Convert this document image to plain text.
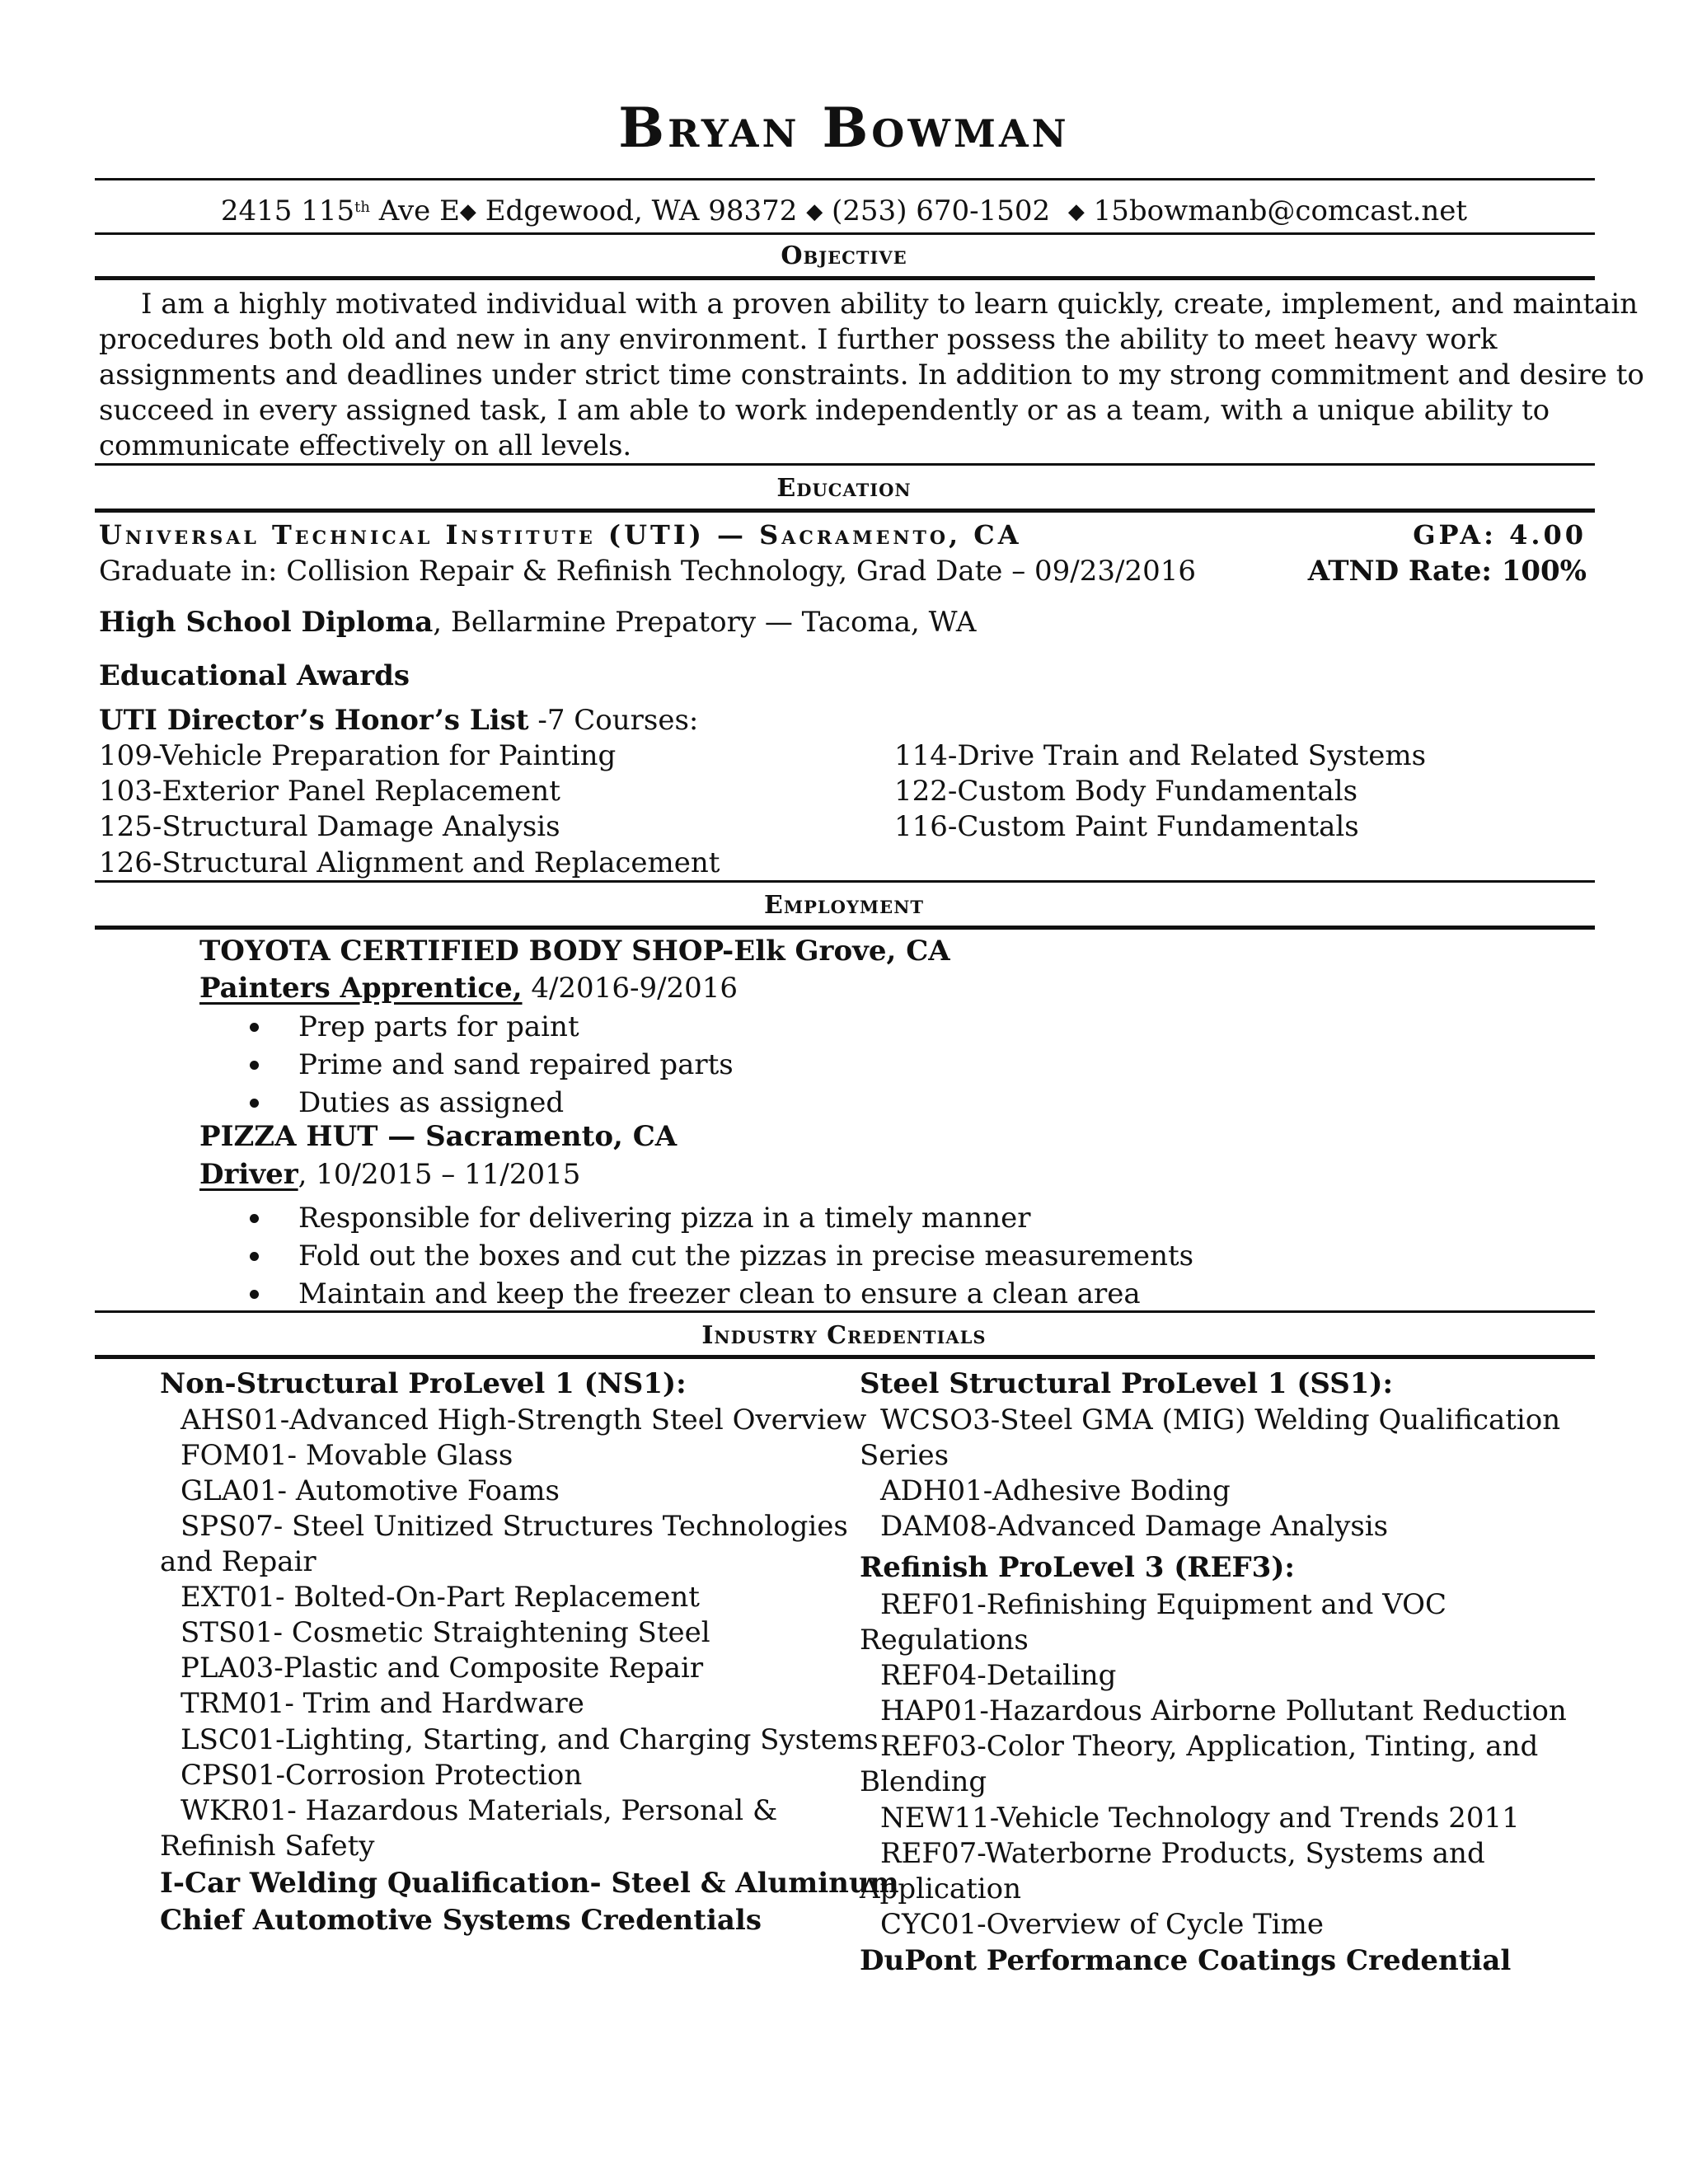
Bryan Bowman
2415 115th Ave E◆ Edgewood, WA 98372 ◆ (253) 670-1502 ◆ 15bowmanb@comcast.net
Objective
I am a highly motivated individual with a proven ability to learn quickly, create, implement, and maintain
procedures both old and new in any environment. I further possess the ability to meet heavy work
assignments and deadlines under strict time constraints. In addition to my strong commitment and desire to
succeed in every assigned task, I am able to work independently or as a team, with a unique ability to
communicate effectively on all levels.
Education
Universal Technical Institute (UTI) — Sacramento, CA	GPA: 4.00
Graduate in: Collision Repair & Refinish Technology, Grad Date – 09/23/2016	ATND Rate: 100%
High School Diploma, Bellarmine Prepatory — Tacoma, WA
Educational Awards
UTI Director’s Honor’s List -7 Courses:
109-Vehicle Preparation for Painting
103-Exterior Panel Replacement
125-Structural Damage Analysis
126-Structural Alignment and Replacement
114-Drive Train and Related Systems
122-Custom Body Fundamentals
116-Custom Paint Fundamentals
Employment
TOYOTA CERTIFIED BODY SHOP-Elk Grove, CA
Painters Apprentice, 4/2016-9/2016
Prep parts for paint
Prime and sand repaired parts
Duties as assigned
PIZZA HUT — Sacramento, CA
Driver, 10/2015 – 11/2015
Responsible for delivering pizza in a timely manner
Fold out the boxes and cut the pizzas in precise measurements
Maintain and keep the freezer clean to ensure a clean area
Industry Credentials
Non-Structural ProLevel 1 (NS1):
AHS01-Advanced High-Strength Steel Overview
FOM01- Movable Glass
GLA01- Automotive Foams
SPS07- Steel Unitized Structures Technologies
and Repair
EXT01- Bolted-On-Part Replacement
STS01- Cosmetic Straightening Steel
PLA03-Plastic and Composite Repair
TRM01- Trim and Hardware
LSC01-Lighting, Starting, and Charging Systems
CPS01-Corrosion Protection
WKR01- Hazardous Materials, Personal &
Refinish Safety
I-Car Welding Qualification- Steel & Aluminum
Chief Automotive Systems Credentials
Steel Structural ProLevel 1 (SS1):
WCSO3-Steel GMA (MIG) Welding Qualification
Series
ADH01-Adhesive Boding
DAM08-Advanced Damage Analysis
Refinish ProLevel 3 (REF3):
REF01-Refinishing Equipment and VOC
Regulations
REF04-Detailing
HAP01-Hazardous Airborne Pollutant Reduction
REF03-Color Theory, Application, Tinting, and
Blending
NEW11-Vehicle Technology and Trends 2011
REF07-Waterborne Products, Systems and
Application
CYC01-Overview of Cycle Time
DuPont Performance Coatings Credential
